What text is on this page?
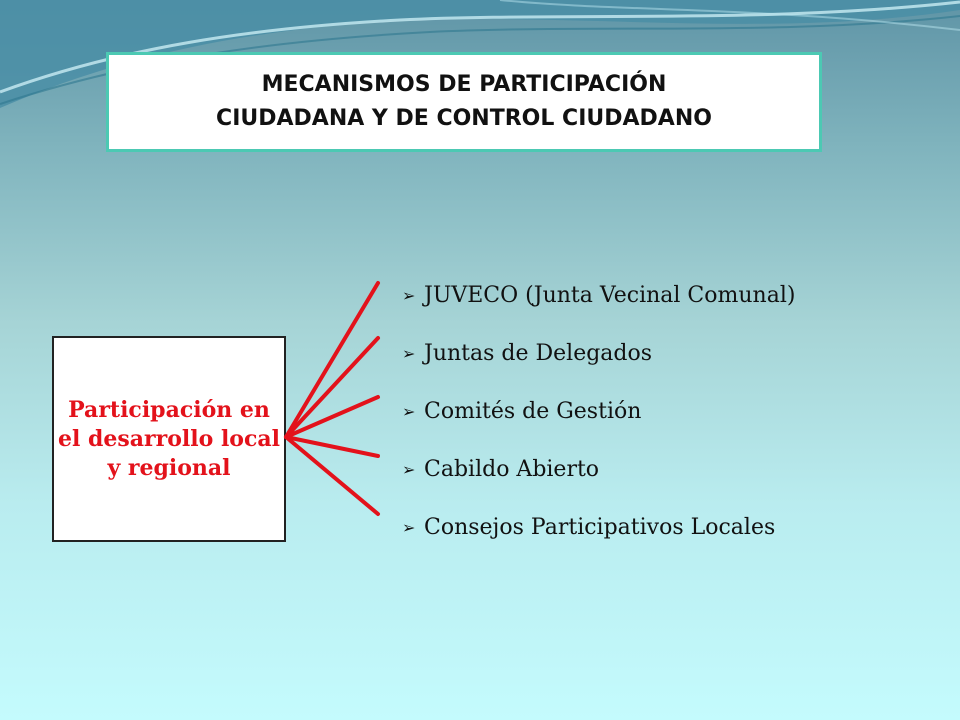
MECANISMOS DE PARTICIPACIÓN
CIUDADANA Y DE CONTROL CIUDADANO
Participación en el desarrollo local y regional
➢ JUVECO (Junta Vecinal Comunal)
➢ Juntas de Delegados
➢ Comités de Gestión
➢ Cabildo Abierto
➢ Consejos Participativos Locales
